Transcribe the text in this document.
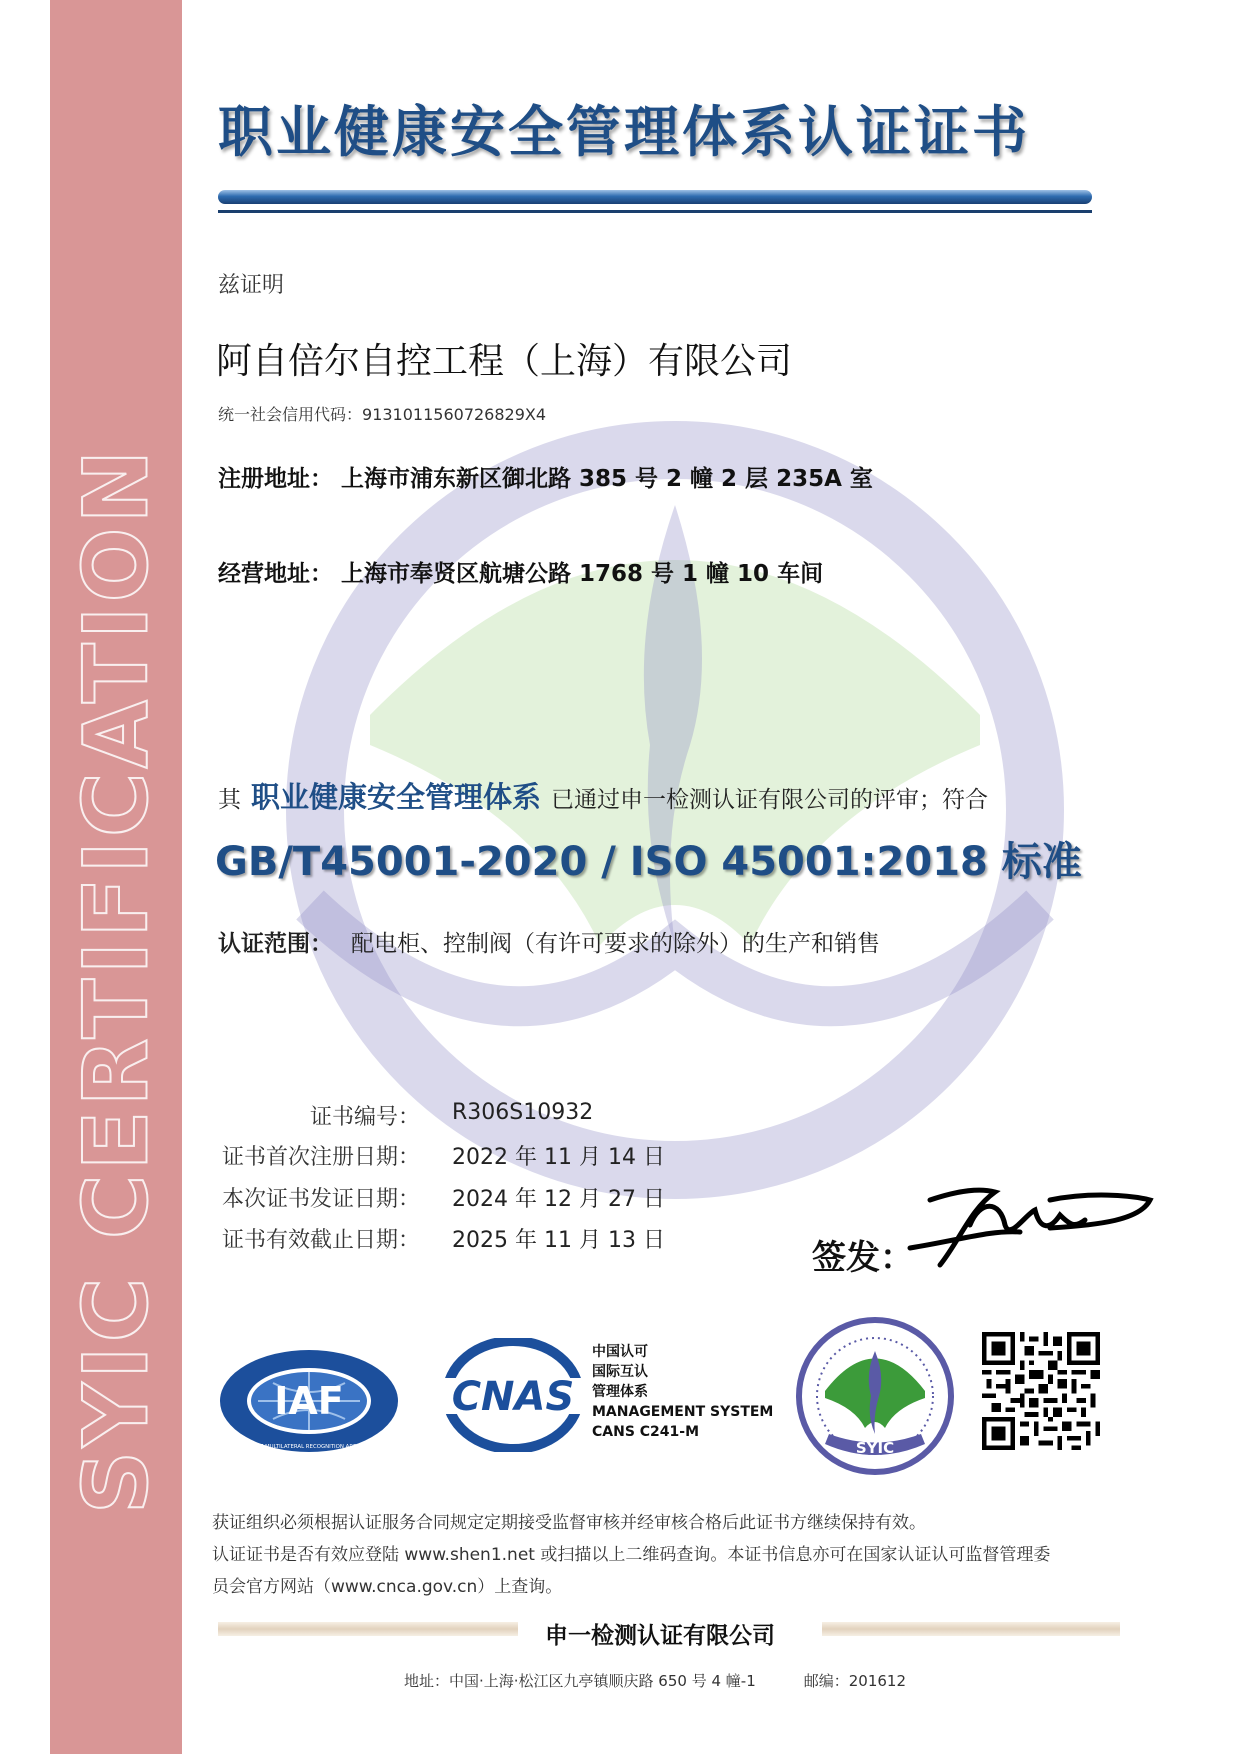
SYIC CERTIFICATION
职业健康安全管理体系认证证书
兹证明
阿自倍尔自控工程（上海）有限公司
统一社会信用代码：9131011560726829X4
注册地址： 上海市浦东新区御北路 385 号 2 幢 2 层 235A 室
经营地址： 上海市奉贤区航塘公路 1768 号 1 幢 10 车间
其 职业健康安全管理体系 已通过申一检测认证有限公司的评审；符合
GB/T45001-2020 / ISO 45001:2018 标准
认证范围： 配电柜、控制阀（有许可要求的除外）的生产和销售
证书编号： R306S10932
证书首次注册日期： 2022 年 11 月 14 日
本次证书发证日期： 2024 年 12 月 27 日
证书有效截止日期： 2025 年 11 月 13 日	签发：
IAF
MEMBER OF MULTILATERAL RECOGNITION ARRANGEMENT
CNAS
中国认可
国际互认
管理体系
MANAGEMENT SYSTEM
CANS C241-M
SYIC
获证组织必须根据认证服务合同规定定期接受监督审核并经审核合格后此证书方继续保持有效。
认证证书是否有效应登陆 www.shen1.net 或扫描以上二维码查询。本证书信息亦可在国家认证认可监督管理委
员会官方网站（www.cnca.gov.cn）上查询。
申一检测认证有限公司
地址：中国·上海·松江区九亭镇顺庆路 650 号 4 幢-1	邮编：201612
